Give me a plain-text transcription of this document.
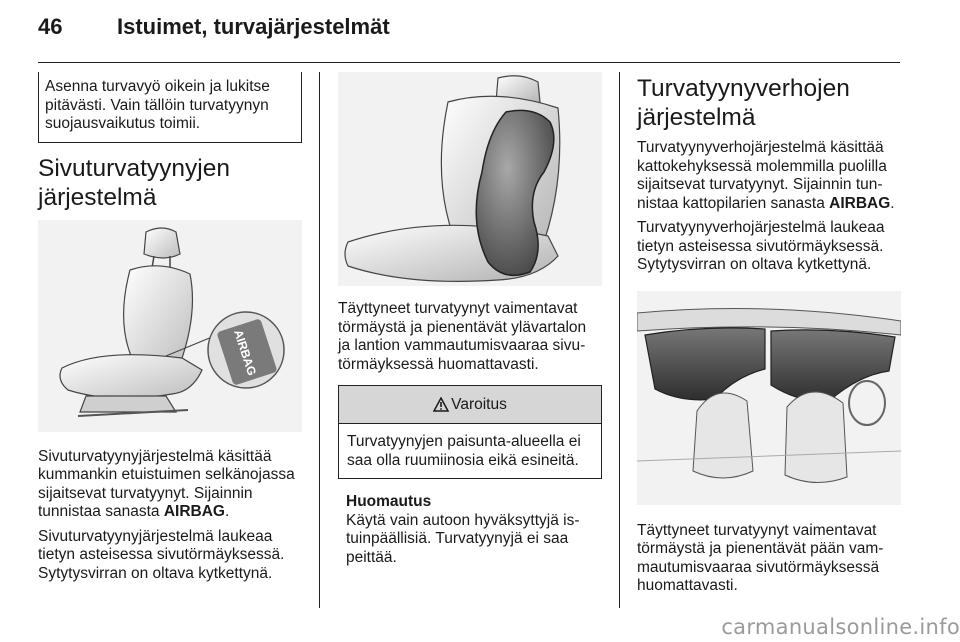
46 Istuimet, turvajärjestelmät
Asenna turvavyö oikein ja lukitse pitävästi. Vain tällöin turvatyynyn suojausvaikutus toimii.
Sivuturvatyynyjen
järjestelmä
AIRBAG

Sivuturvatyynyjärjestelmä käsittää kummankin etuistuimen selkänojassa sijaitsevat turvatyynyt. Sijainnin tunnistaa sanasta AIRBAG.

Sivuturvatyynyjärjestelmä laukeaa tietyn asteisessa sivutörmäyksessä. Sytytysvirran on oltava kytkettynä.

Täyttyneet turvatyynyt vaimentavat törmäystä ja pienentävät ylävartalon ja lantion vammautumisvaaraa sivutörmäyksessä huomattavasti.

Varoitus
Turvatyynyjen paisunta-alueella ei saa olla ruumiinosia eikä esineitä.
Huomautus

Käytä vain autoon hyväksyttyjä istuinpäällisiä. Turvatyynyjä ei saa peittää.

Turvatyynyverhojen
järjestelmä

Turvatyynyverhojärjestelmä käsittää kattokehyksessä molemmilla puolilla sijaitsevat turvatyynyt. Sijainnin tunnistaa kattopilarien sanasta AIRBAG.

Turvatyynyverhojärjestelmä laukeaa tietyn asteisessa sivutörmäyksessä. Sytytysvirran on oltava kytkettynä.

Täyttyneet turvatyynyt vaimentavat törmäystä ja pienentävät pään vammautumisvaaraa sivutörmäyksessä huomattavasti.

carmanualsonline.info
